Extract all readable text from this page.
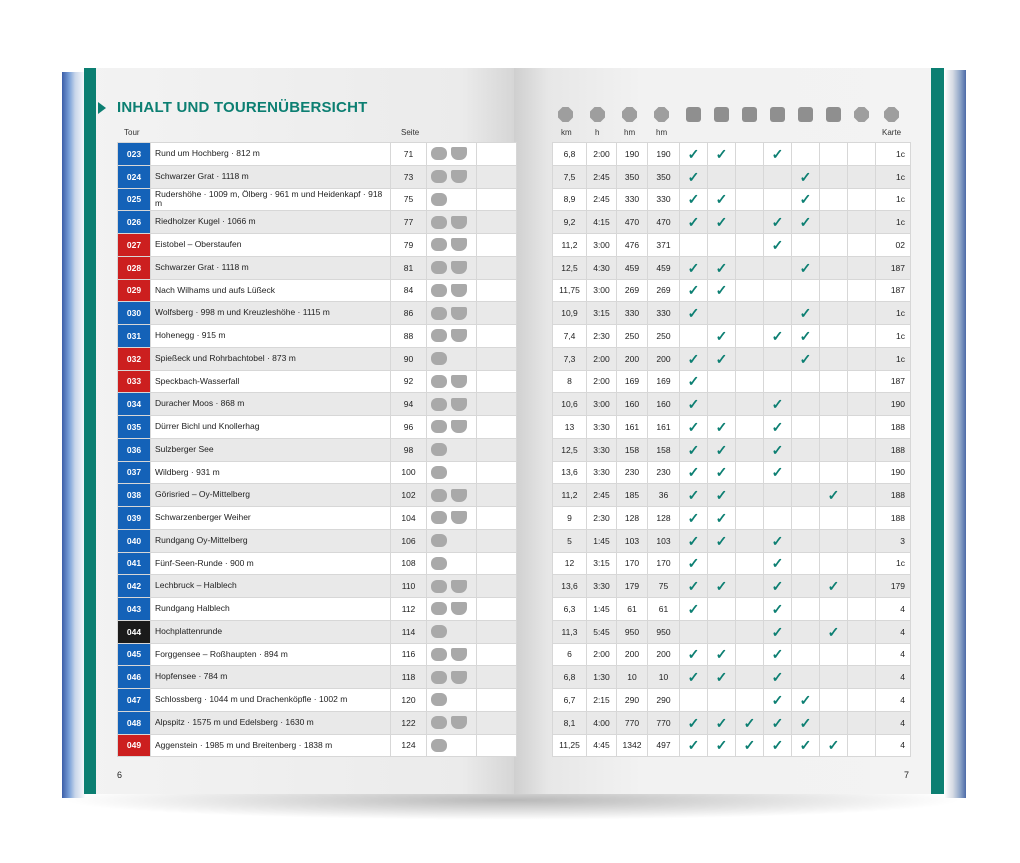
INHALT UND TOURENÜBERSICHT
Tour	Seite	km	h	hm	hm	Karte
023	Rund um Hochberg · 812 m	71				6,8	2:00	190	190	✓	✓		✓				1c
024	Schwarzer Grat · 1118 m	73				7,5	2:45	350	350	✓				✓			1c
025	Rudershöhe · 1009 m, Ölberg · 961 m und Heidenkapf · 918 m	75				8,9	2:45	330	330	✓	✓			✓			1c
026	Riedholzer Kugel · 1066 m	77				9,2	4:15	470	470	✓	✓		✓	✓			1c
027	Eistobel – Oberstaufen	79				11,2	3:00	476	371				✓				02
028	Schwarzer Grat · 1118 m	81				12,5	4:30	459	459	✓	✓			✓			187
029	Nach Wilhams und aufs Lüßeck	84				11,75	3:00	269	269	✓	✓						187
030	Wolfsberg · 998 m und Kreuzleshöhe · 1115 m	86				10,9	3:15	330	330	✓				✓			1c
031	Hohenegg · 915 m	88				7,4	2:30	250	250		✓		✓	✓			1c
032	Spießeck und Rohrbachtobel · 873 m	90				7,3	2:00	200	200	✓	✓			✓			1c
033	Speckbach-Wasserfall	92				8	2:00	169	169	✓							187
034	Duracher Moos · 868 m	94				10,6	3:00	160	160	✓			✓				190
035	Dürrer Bichl und Knollerhag	96				13	3:30	161	161	✓	✓		✓				188
036	Sulzberger See	98				12,5	3:30	158	158	✓	✓		✓				188
037	Wildberg · 931 m	100				13,6	3:30	230	230	✓	✓		✓				190
038	Görisried – Oy-Mittelberg	102				11,2	2:45	185	36	✓	✓				✓		188
039	Schwarzenberger Weiher	104				9	2:30	128	128	✓	✓						188
040	Rundgang Oy-Mittelberg	106				5	1:45	103	103	✓	✓		✓				3
041	Fünf-Seen-Runde · 900 m	108				12	3:15	170	170	✓			✓				1c
042	Lechbruck – Halblech	110				13,6	3:30	179	75	✓	✓		✓		✓		179
043	Rundgang Halblech	112				6,3	1:45	61	61	✓			✓				4
044	Hochplattenrunde	114				11,3	5:45	950	950				✓		✓		4
045	Forggensee – Roßhaupten · 894 m	116				6	2:00	200	200	✓	✓		✓				4
046	Hopfensee · 784 m	118				6,8	1:30	10	10	✓	✓		✓				4
047	Schlossberg · 1044 m und Drachenköpfle · 1002 m	120				6,7	2:15	290	290				✓	✓			4
048	Alpspitz · 1575 m und Edelsberg · 1630 m	122				8,1	4:00	770	770	✓	✓	✓	✓	✓			4
049	Aggenstein · 1985 m und Breitenberg · 1838 m	124				11,25	4:45	1342	497	✓	✓	✓	✓	✓	✓		4
6	7
